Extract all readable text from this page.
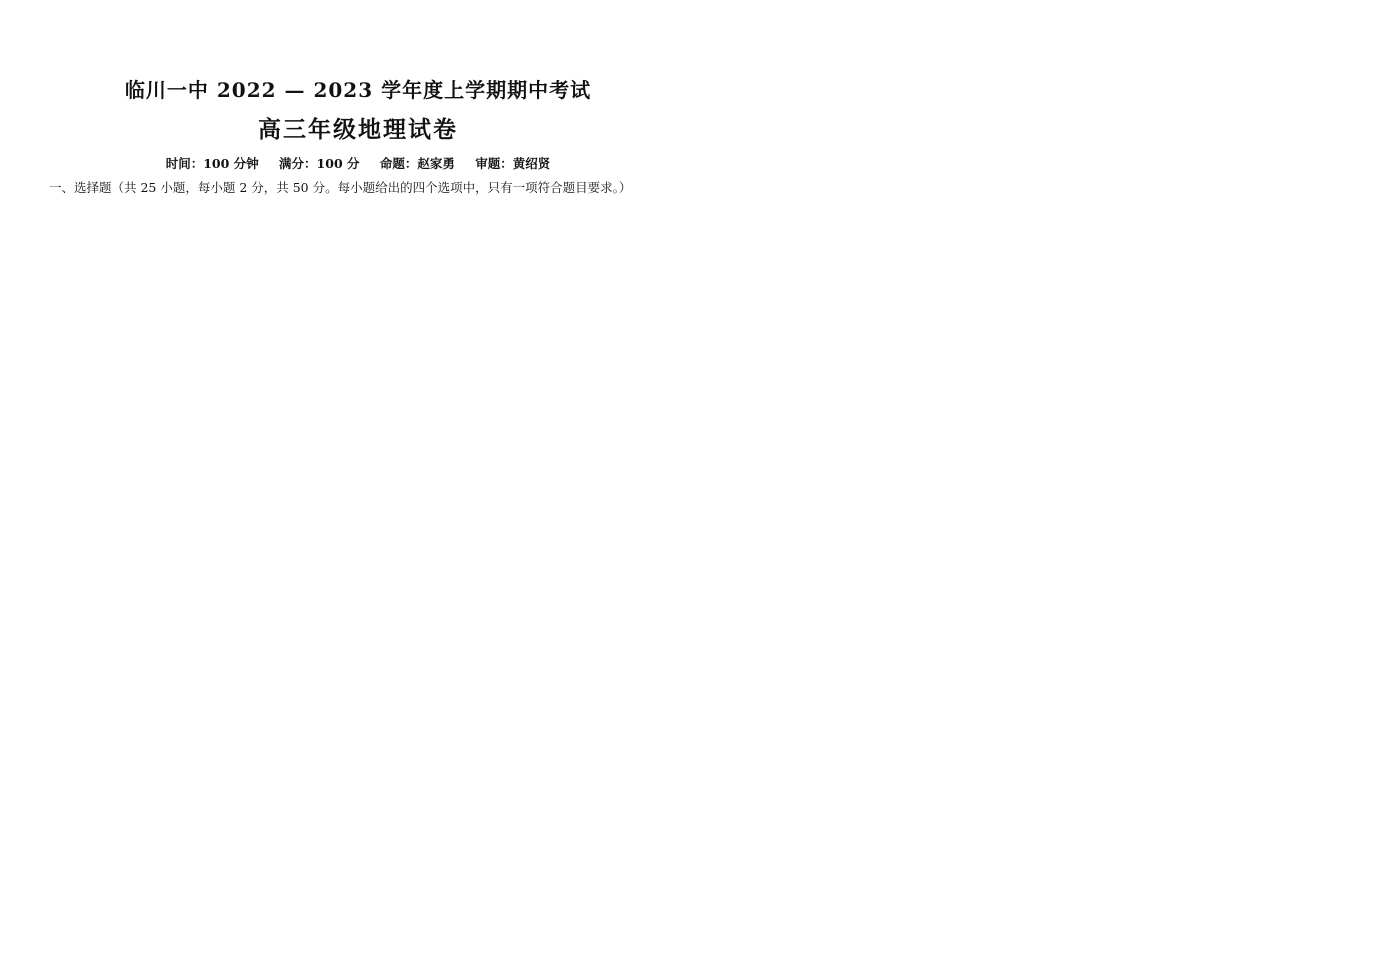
临川一中 2022 — 2023 学年度上学期期中考试
高三年级地理试卷
时间：100 分钟 满分：100 分 命题：赵家勇 审题：黄绍贤
一、选择题（共 25 小题，每小题 2 分，共 50 分。每小题给出的四个选项中，只有一项符合题目要求。）
